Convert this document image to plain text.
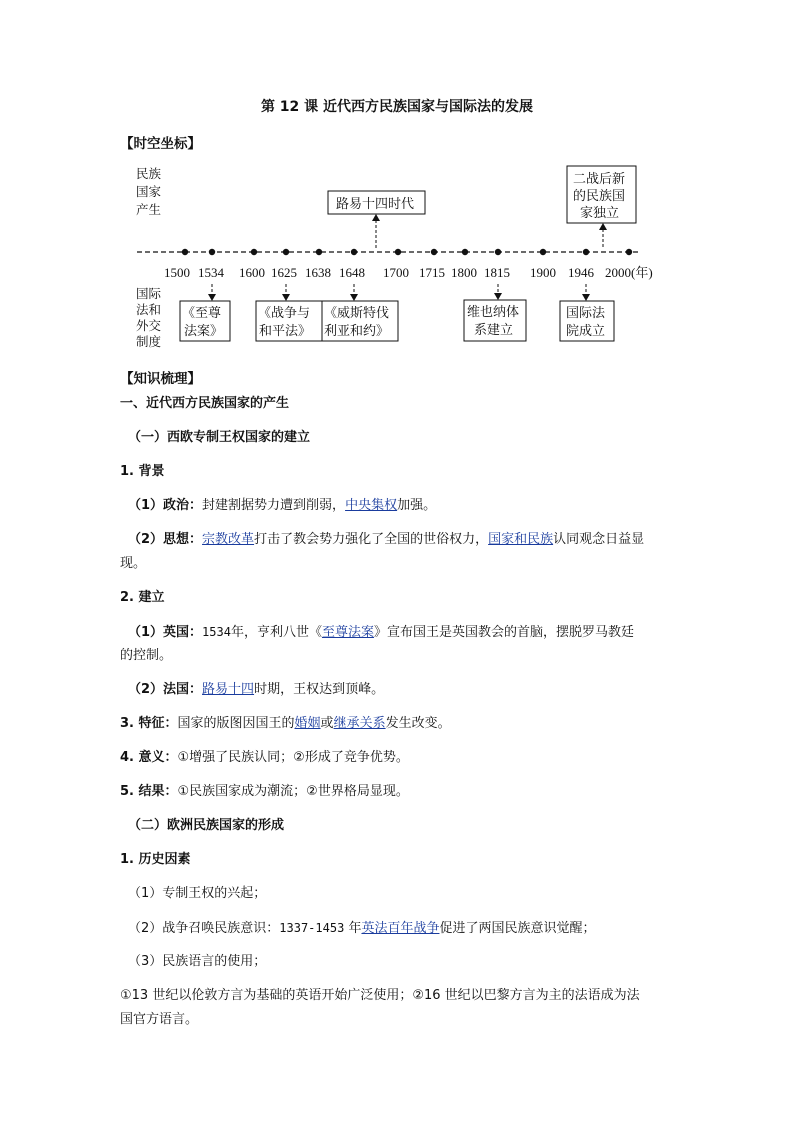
第 12 课 近代西方民族国家与国际法的发展
【时空坐标】
民族
国家
产生
国际
法和
外交
制度
1500 1534 1600 1625 1638 1648 1700 1715 1800 1815 1900 1946 2000(年)
路易十四时代
二战后新
的民族国
家独立
《至尊
法案》
《战争与
和平法》
《威斯特伐
利亚和约》
维也纳体
系建立
国际法
院成立
【知识梳理】
一、近代西方民族国家的产生
（一）西欧专制王权国家的建立
1. 背景
（1）政治：封建割据势力遭到削弱，中央集权加强。
（2）思想：宗教改革打击了教会势力强化了全国的世俗权力，国家和民族认同观念日益显
现。
2. 建立
（1）英国：1534年，亨利八世《至尊法案》宣布国王是英国教会的首脑，摆脱罗马教廷
的控制。
（2）法国：路易十四时期，王权达到顶峰。
3. 特征：国家的版图因国王的婚姻或继承关系发生改变。
4. 意义：①增强了民族认同；②形成了竞争优势。
5. 结果：①民族国家成为潮流；②世界格局显现。
（二）欧洲民族国家的形成
1. 历史因素
（1）专制王权的兴起；
（2）战争召唤民族意识：1337-1453 年英法百年战争促进了两国民族意识觉醒；
（3）民族语言的使用；
①13 世纪以伦敦方言为基础的英语开始广泛使用；②16 世纪以巴黎方言为主的法语成为法
国官方语言。
